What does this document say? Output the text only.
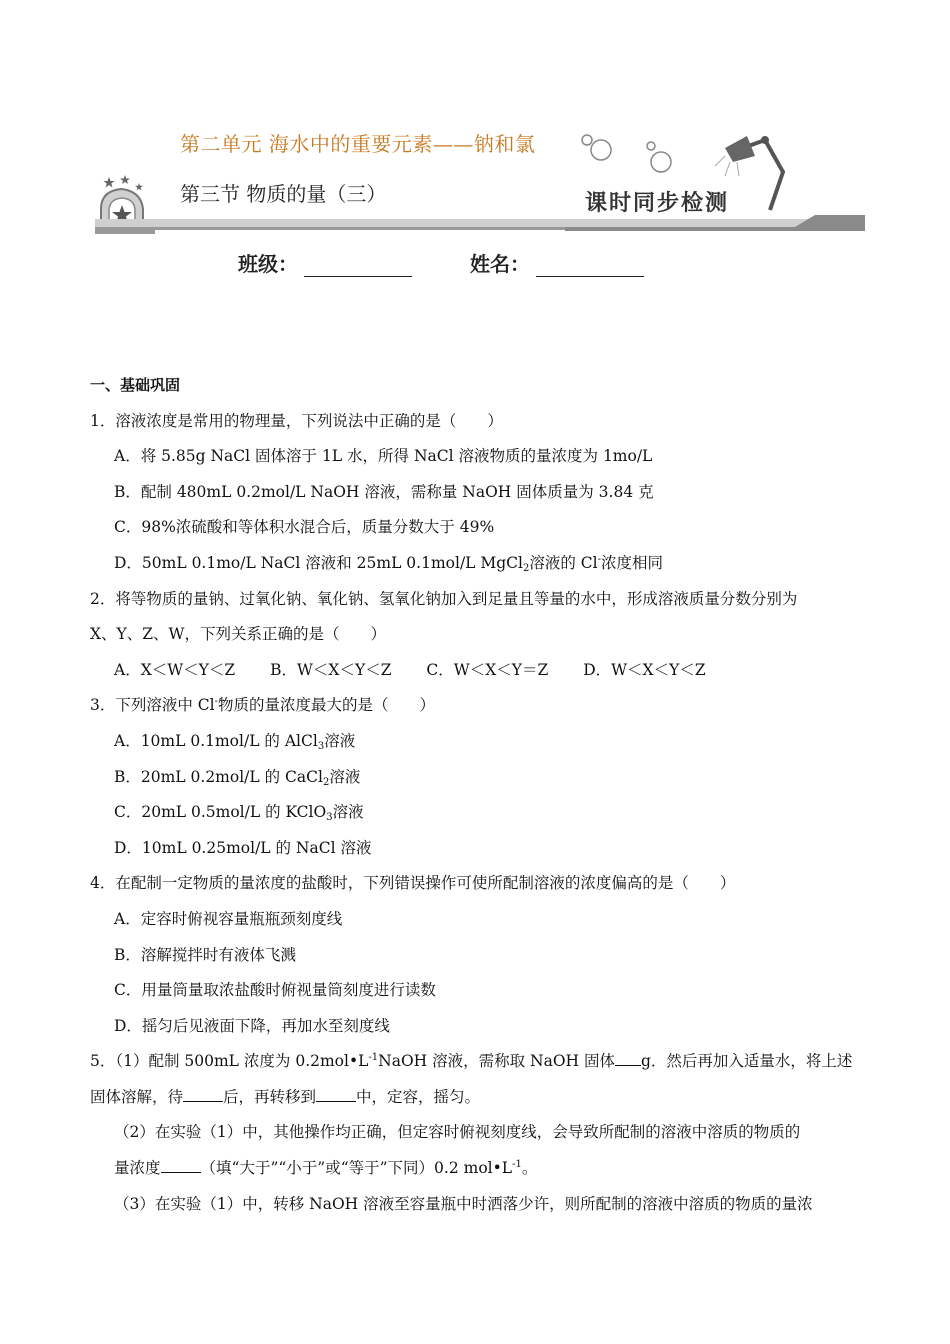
第二单元 海水中的重要元素——钠和氯
第三节 物质的量（三）	课时同步检测
班级：	姓名：
一、基础巩固
1．溶液浓度是常用的物理量，下列说法中正确的是（　　）
A．将 5.85g NaCl 固体溶于 1L 水，所得 NaCl 溶液物质的量浓度为 1mo/L
B．配制 480mL 0.2mol/L NaOH 溶液，需称量 NaOH 固体质量为 3.84 克
C．98%浓硫酸和等体积水混合后，质量分数大于 49%
D．50mL 0.1mo/L NaCl 溶液和 25mL 0.1mol/L MgCl$_2$溶液的 Cl-浓度相同
2．将等物质的量钠、过氧化钠、氧化钠、氢氧化钠加入到足量且等量的水中，形成溶液质量分数分别为
X、Y、Z、W，下列关系正确的是（　　）
A．X＜W＜Y＜Z B．W＜X＜Y＜Z C．W＜X＜Y＝Z D．W＜X＜Y＜Z
3．下列溶液中 Cl-物质的量浓度最大的是（　　）
A．10mL 0.1mol/L 的 AlCl$_3$溶液
B．20mL 0.2mol/L 的 CaCl$_2$溶液
C．20mL 0.5mol/L 的 KClO$_3$溶液
D．10mL 0.25mol/L 的 NaCl 溶液
4．在配制一定物质的量浓度的盐酸时，下列错误操作可使所配制溶液的浓度偏高的是（　　）
A．定容时俯视容量瓶瓶颈刻度线
B．溶解搅拌时有液体飞溅
C．用量筒量取浓盐酸时俯视量筒刻度进行读数
D．摇匀后见液面下降，再加水至刻度线
5．（1）配制 500mL 浓度为 $0.2mol•L^{-1}NaOH$ 溶液，需称取 NaOH 固体 g．然后再加入适量水，将上述
固体溶解，待	后，再转移到	中，定容，摇匀。
（2）在实验（1）中，其他操作均正确，但定容时俯视刻度线，会导致所配制的溶液中溶质的物质的
量浓度	（填“大于”“小于”或“等于”下同）0.2 $mol•L^{-1}$。
（3）在实验（1）中，转移 NaOH 溶液至容量瓶中时洒落少许，则所配制的溶液中溶质的物质的量浓
